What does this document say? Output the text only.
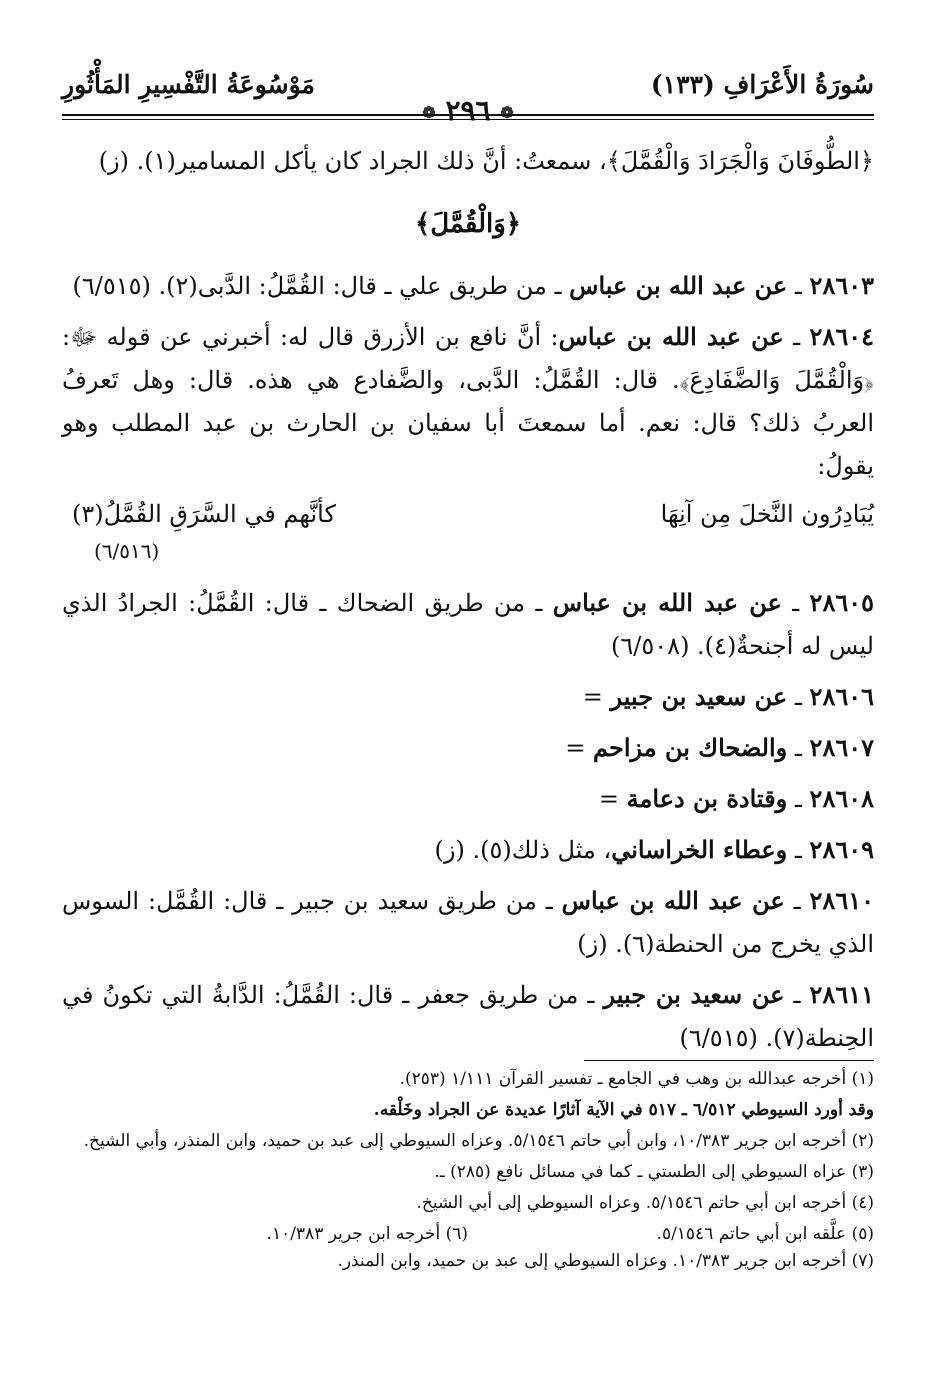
سُورَةُ الأَعْرَافِ (١٣٣)
مَوْسُوعَةُ التَّفْسِيرِ المَأْثُورِ
❁ ٢٩٦ ❁

﴿الطُّوفَانَ وَالْجَرَادَ وَالْقُمَّلَ﴾، سمعتُ: أنَّ ذلك الجراد كان يأكل المسامير(١). (ز)

﴿وَالْقُمَّلَ﴾

٢٨٦٠٣ ـ عن عبد الله بن عباس ـ من طريق علي ـ قال: القُمَّلُ: الدَّبى(٢). (٦/٥١٥)

٢٨٦٠٤ ـ عن عبد الله بن عباس: أنَّ نافع بن الأزرق قال له: أخبرني عن قوله ﷻ: ﴿وَالْقُمَّلَ وَالضَّفَادِعَ﴾. قال: القُمَّلُ: الدَّبى، والضَّفادع هي هذه. قال: وهل تَعرفُ العربُ ذلك؟ قال: نعم. أما سمعتَ أبا سفيان بن الحارث بن عبد المطلب وهو يقولُ:

يُبَادِرُون النَّخلَ مِن آنِهَا
كأنَّهم في السَّرَقِ القُمَّلُ(٣)
(٦/٥١٦)

٢٨٦٠٥ ـ عن عبد الله بن عباس ـ من طريق الضحاك ـ قال: القُمَّلُ: الجرادُ الذي ليس له أجنحةٌ(٤). (٦/٥٠٨)

٢٨٦٠٦ ـ عن سعيد بن جبير =

٢٨٦٠٧ ـ والضحاك بن مزاحم =

٢٨٦٠٨ ـ وقتادة بن دعامة =

٢٨٦٠٩ ـ وعطاء الخراساني، مثل ذلك(٥). (ز)

٢٨٦١٠ ـ عن عبد الله بن عباس ـ من طريق سعيد بن جبير ـ قال: القُمَّل: السوس الذي يخرج من الحنطة(٦). (ز)

٢٨٦١١ ـ عن سعيد بن جبير ـ من طريق جعفر ـ قال: القُمَّلُ: الدَّابةُ التي تكونُ في الحِنطة(٧). (٦/٥١٥)

(١) أخرجه عبدالله بن وهب في الجامع ـ تفسير القرآن ١/١١١ (٢٥٣).

وقد أورد السيوطي ٦/٥١٢ ـ ٥١٧ في الآية آثارًا عديدة عن الجراد وخَلْقه.

(٢) أخرجه ابن جرير ١٠/٣٨٣، وابن أبي حاتم ٥/١٥٤٦. وعزاه السيوطي إلى عبد بن حميد، وابن المنذر، وأبي الشيخ.

(٣) عزاه السيوطي إلى الطستي ـ كما في مسائل نافع (٢٨٥) ـ.

(٤) أخرجه ابن أبي حاتم ٥/١٥٤٦. وعزاه السيوطي إلى أبي الشيخ.

(٥) علَّقه ابن أبي حاتم ٥/١٥٤٦.
(٦) أخرجه ابن جرير ١٠/٣٨٣.

(٧) أخرجه ابن جرير ١٠/٣٨٣. وعزاه السيوطي إلى عبد بن حميد، وابن المنذر.
